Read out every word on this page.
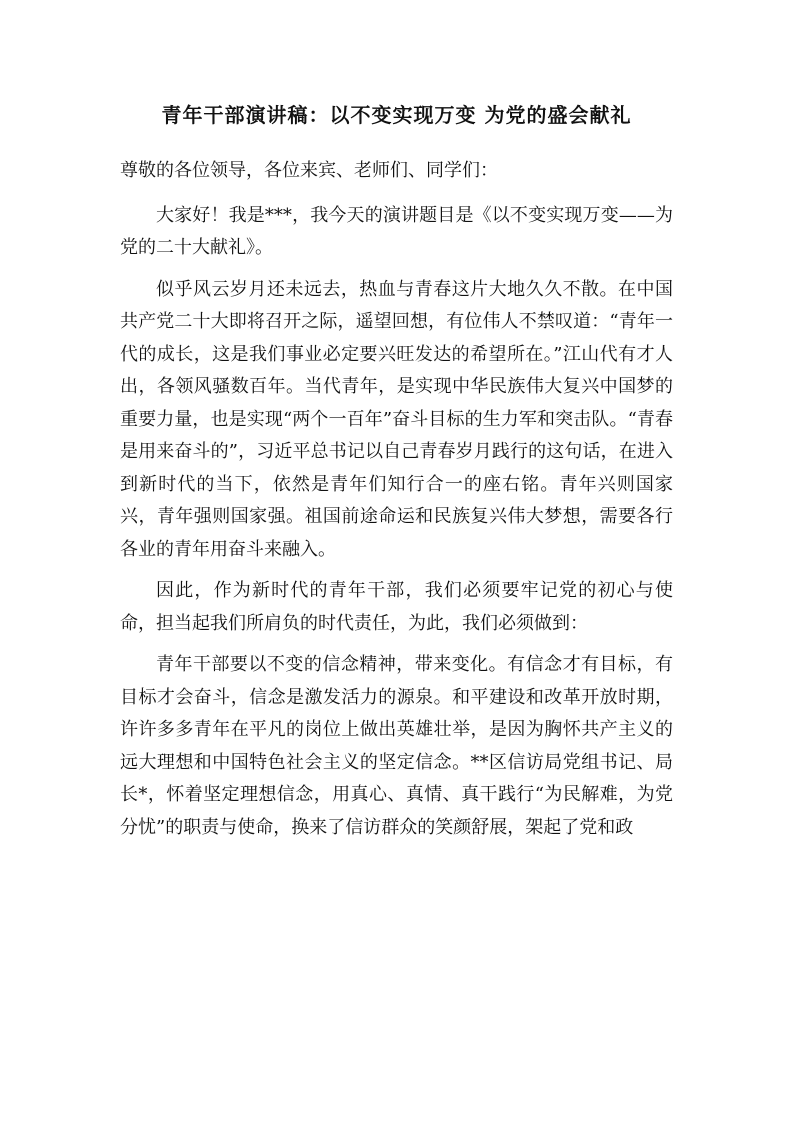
青年干部演讲稿：以不变实现万变 为党的盛会献礼

尊敬的各位领导，各位来宾、老师们、同学们：

大家好！我是***，我今天的演讲题目是《以不变实现万变——为党的二十大献礼》。

似乎风云岁月还未远去，热血与青春这片大地久久不散。在中国共产党二十大即将召开之际，遥望回想，有位伟人不禁叹道：“青年一代的成长，这是我们事业必定要兴旺发达的希望所在。”江山代有才人出，各领风骚数百年。当代青年，是实现中华民族伟大复兴中国梦的重要力量，也是实现“两个一百年”奋斗目标的生力军和突击队。“青春是用来奋斗的”，习近平总书记以自己青春岁月践行的这句话，在进入到新时代的当下，依然是青年们知行合一的座右铭。青年兴则国家兴，青年强则国家强。祖国前途命运和民族复兴伟大梦想，需要各行各业的青年用奋斗来融入。

因此，作为新时代的青年干部，我们必须要牢记党的初心与使命，担当起我们所肩负的时代责任，为此，我们必须做到：

青年干部要以不变的信念精神，带来变化。有信念才有目标，有目标才会奋斗，信念是激发活力的源泉。和平建设和改革开放时期，许许多多青年在平凡的岗位上做出英雄壮举，是因为胸怀共产主义的远大理想和中国特色社会主义的坚定信念。**区信访局党组书记、局长*，怀着坚定理想信念，用真心、真情、真干践行“为民解难，为党分忧”的职责与使命，换来了信访群众的笑颜舒展，架起了党和政
